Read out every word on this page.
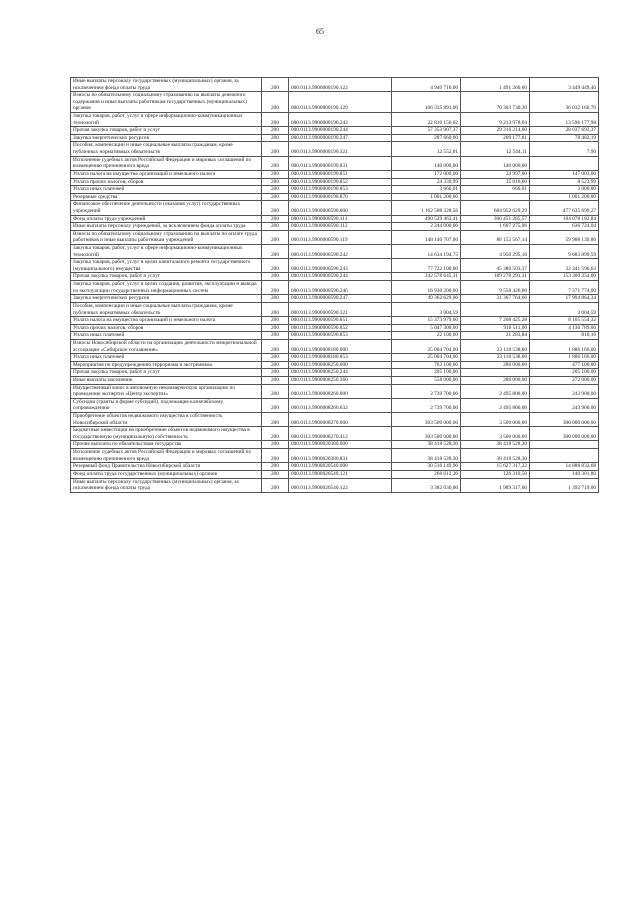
65
Иные выплаты персоналу государственных (муниципальных) органов, за исключением фонда оплаты труда	200	000.0113.9900000190.122	4 940 710,00	1 491 260,60	3 449 449,40
Взносы по обязательному социальному страхованию на выплаты денежного содержания и иные выплаты работникам государственных (муниципальных) органов	200	000.0113.9900000190.129	106 335 891,00	70 303 730,30	36 032 160,70
Закупка товаров, работ, услуг в сфере информационно-коммуникационных технологий	200	000.0113.9900000190.242	22 810 156,02	9 213 978,04	13 596 177,98
Прочая закупка товаров, работ и услуг	200	000.0113.9900000190.244	57 353 907,37	29 316 214,00	28 037 693,37
Закупка энергетических ресурсов	200	000.0113.9900000190.247	287 660,00	209 177,81	78 482,19
Пособия, компенсации и иные социальные выплаты гражданам, кроме публичных нормативных обязательств	200	000.0113.9900000190.321	12 552,01	12 544,11	7,90
Исполнение судебных актов Российской Федерации и мировых соглашений по возмещению причиненного вреда	200	000.0113.9900000190.831	140 000,00	140 000,00	
Уплата налога на имущество организаций и земельного налога	200	000.0113.9900000190.851	172 000,00	24 997,00	147 003,00
Уплата прочих налогов, сборов	200	000.0113.9900000190.852	24 339,99	15 816,00	8 523,99
Уплата иных платежей	200	000.0113.9900000190.853	3 660,01	660,01	3 000,00
Резервные средства	200	000.0113.9900000190.870	1 001 200,00		1 001 200,00
Финансовое обеспечение деятельности (оказания услуг) государственных учреждений	200	000.0113.9900000590.000	1 162 588 328,56	684 952 629,29	477 635 699,27
Фонд оплаты труда учреждений	200	000.0113.9900000590.111	490 529 463,41	306 451 285,57	184 078 182,84
Иные выплаты персоналу учреждений, за исключением фонда оплаты труда	200	000.0113.9900000590.112	2 244 000,00	1 607 275,96	636 724,04
Взносы по обязательному социальному страхованию на выплаты по оплате труда работников и иные выплаты работникам учреждений	200	000.0113.9900000590.119	148 140 707,00	88 152 567,14	59 988 139,86
Закупка товаров, работ, услуг в сфере информационно-коммуникационных технологий	200	000.0113.9900000590.242	14 634 194,75	4 950 295,16	9 683 899,59
Закупка товаров, работ, услуг в целях капитального ремонта государственного (муниципального) имущества	200	000.0113.9900000590.243	77 722 100,00	45 380 503,37	32 341 596,63
Прочая закупка товаров, работ и услуг	200	000.0113.9900000590.244	342 578 645,31	189 278 291,31	153 300 354,00
Закупка товаров, работ, услуг в целях создания, развития, эксплуатации и вывода из эксплуатации государственных информационных систем	200	000.0113.9900000590.246	16 930 200,00	9 558 426,00	7 371 774,00
Закупка энергетических ресурсов	200	000.0113.9900000590.247	49 362 629,00	31 367 764,66	17 994 864,34
Пособия, компенсации и иные социальные выплаты гражданам, кроме публичных нормативных обязательств	200	000.0113.9900000590.321	3 004,59		3 004,59
Уплата налога на имущество организаций и земельного налога	200	000.0113.9900000590.851	15 373 979,60	7 268 425,28	8 105 554,32
Уплата прочих налогов, сборов	200	000.0113.9900000590.852	5 047 300,00	916 511,00	4 130 789,00
Уплата иных платежей	200	000.0113.9900000590.853	22 100,00	21 283,84	816,16
Взносы Новосибирской области на организацию деятельности межрегиональной ассоциации «Сибирское соглашение»	200	000.0113.9900008180.000	25 004 704,00	23 118 538,00	1 886 166,00
Уплата иных платежей	200	000.0113.9900008180.853	25 004 704,00	23 118 538,00	1 886 166,00
Мероприятия по предупреждению терроризма и экстремизма	200	000.0113.9900008250.000	763 100,00	286 000,00	477 100,00
Прочая закупка товаров, работ и услуг	200	000.0113.9900008250.244	205 100,00		205 100,00
Иные выплаты населению	200	000.0113.9900008250.360	558 000,00	286 000,00	272 000,00
Имущественный взнос в автономную некоммерческую организацию по проведению экспертиз «Центр экспертиз»	200	000.0113.9900008260.000	2 739 700,00	2 495 800,00	243 900,00
Субсидии (гранты в форме субсидий), подлежащие казначейскому сопровождению	200	000.0113.9900008260.632	2 739 700,00	2 495 800,00	243 900,00
Приобретение объектов недвижимого имущества в собственность Новосибирской области	200	000.0113.9900008270.000	303 500 000,00	3 500 000,00	300 000 000,00
Бюджетные инвестиции на приобретение объектов недвижимого имущества в государственную (муниципальную) собственность	200	000.0113.9900008270.412	303 500 000,00	3 500 000,00	300 000 000,00
Прочие выплаты по обязательствам государства	200	000.0113.9900020380.000	38 418 528,30	38 418 528,30	
Исполнение судебных актов Российской Федерации и мировых соглашений по возмещению причиненного вреда	200	000.0113.9900020380.831	38 418 528,30	38 418 528,30	
Резервный фонд Правительства Новосибирской области	200	000.0113.9900020540.000	30 516 149,90	15 627 317,22	14 888 832,68
Фонд оплаты труда государственных (муниципальных) органов	200	000.0113.9900020540.121	266 612,30	126 310,50	140 301,80
Иные выплаты персоналу государственных (муниципальных) органов, за исключением фонда оплаты труда	200	000.0113.9900020540.122	3 382 036,00	1 989 317,00	1 392 719,00
